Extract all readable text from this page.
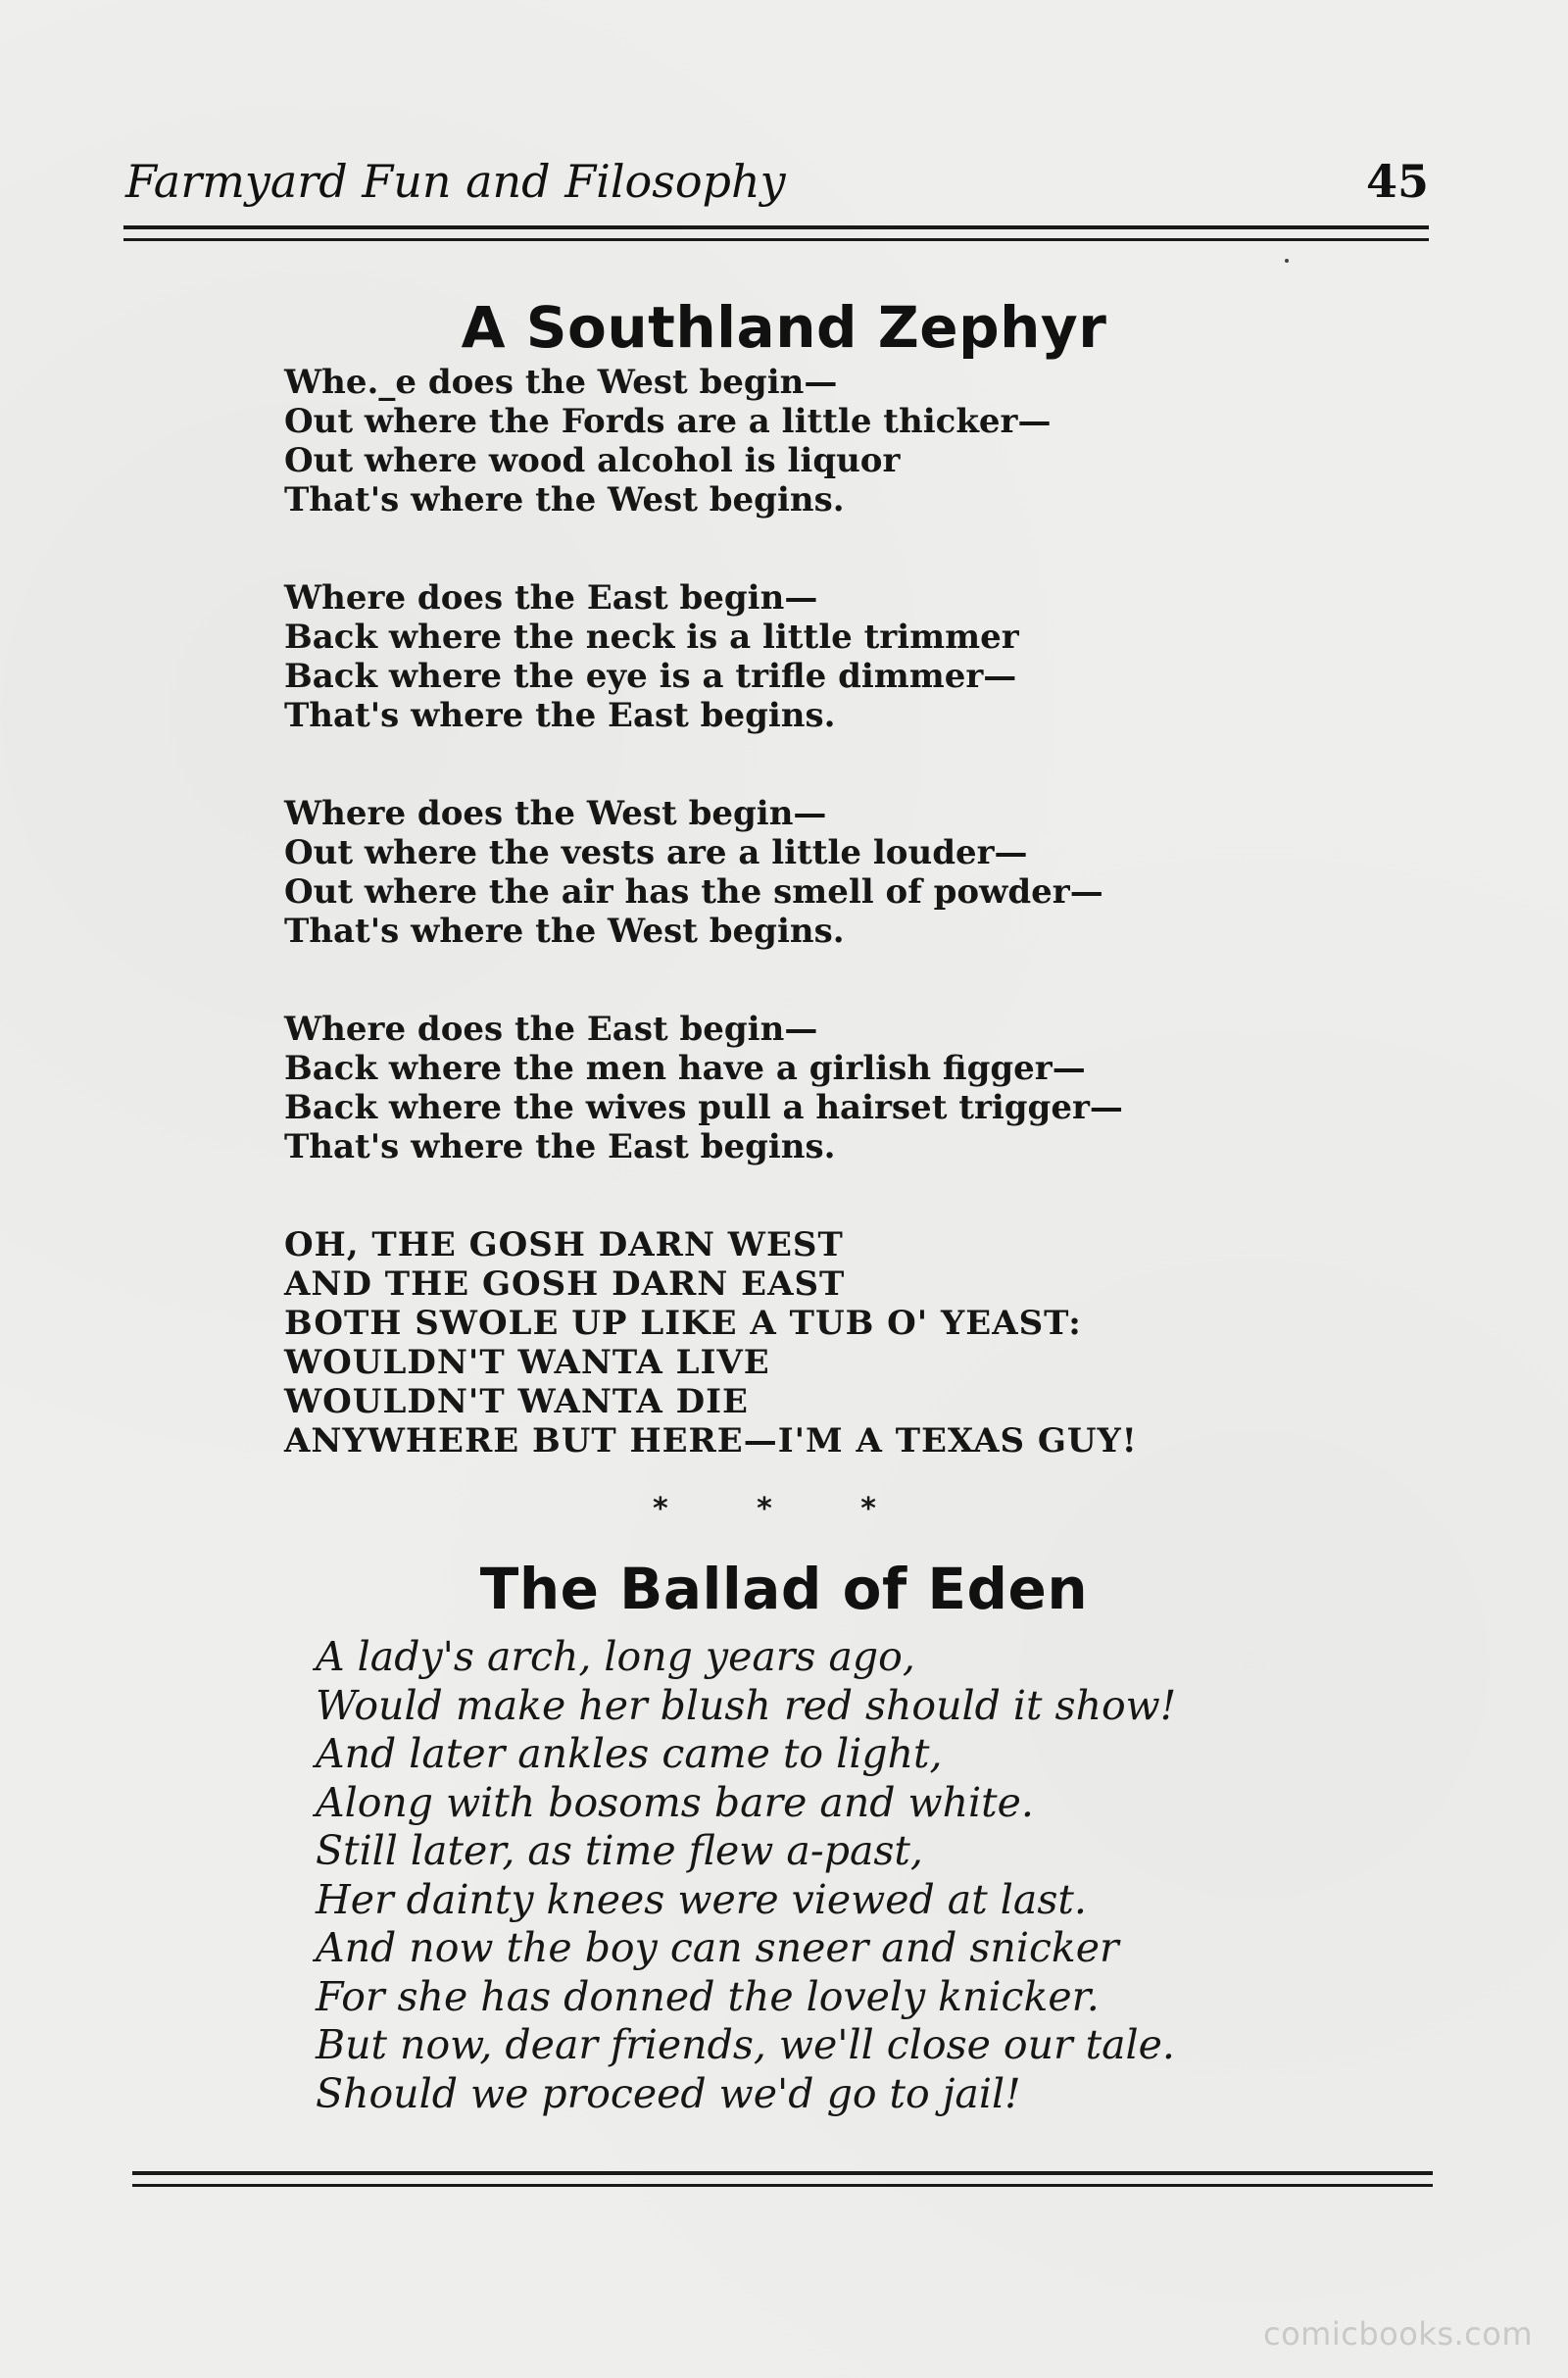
Farmyard Fun and Filosophy	45
A Southland Zephyr
Whe._e does the West begin—
Out where the Fords are a little thicker—
Out where wood alcohol is liquor
That's where the West begins.
Where does the East begin—
Back where the neck is a little trimmer
Back where the eye is a trifle dimmer—
That's where the East begins.
Where does the West begin—
Out where the vests are a little louder—
Out where the air has the smell of powder—
That's where the West begins.
Where does the East begin—
Back where the men have a girlish figger—
Back where the wives pull a hairset trigger—
That's where the East begins.
OH, THE GOSH DARN WEST
AND THE GOSH DARN EAST
BOTH SWOLE UP LIKE A TUB O' YEAST:
WOULDN'T WANTA LIVE
WOULDN'T WANTA DIE
ANYWHERE BUT HERE—I'M A TEXAS GUY!
* * *
The Ballad of Eden
A lady's arch, long years ago,
Would make her blush red should it show!
And later ankles came to light,
Along with bosoms bare and white.
Still later, as time flew a-past,
Her dainty knees were viewed at last.
And now the boy can sneer and snicker
For she has donned the lovely knicker.
But now, dear friends, we'll close our tale.
Should we proceed we'd go to jail!
comicbooks.com
